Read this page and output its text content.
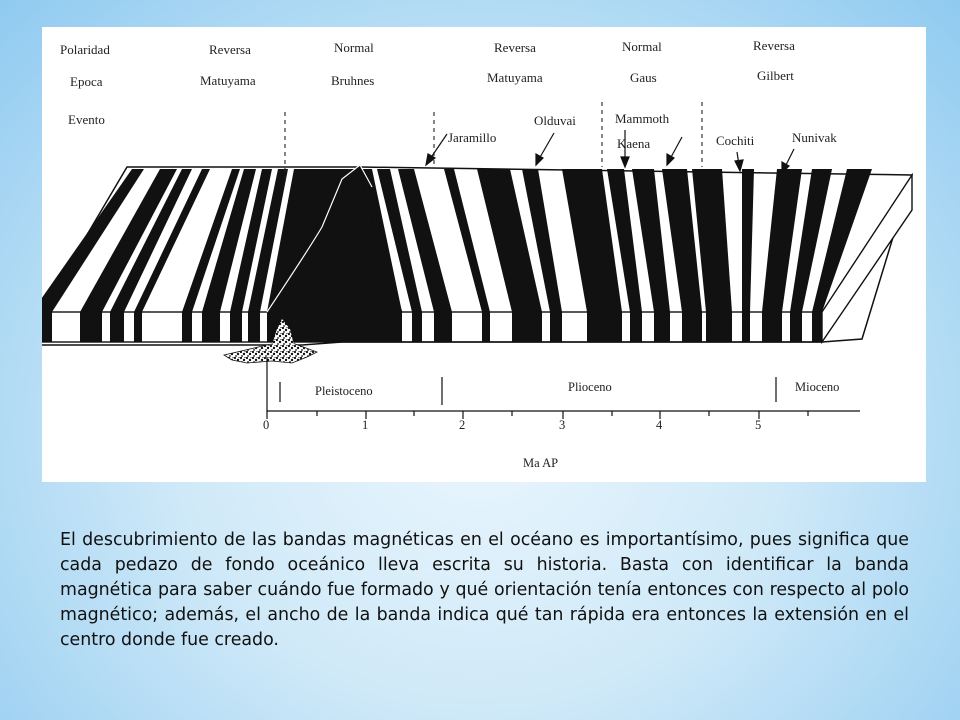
Polaridad
Epoca
Evento
Reversa	Normal	Reversa	Normal	Reversa
Matuyama	Bruhnes	Matuyama	Gaus	Gilbert
Jaramillo
Olduvai	Mammoth
Kaena	Cochiti	Nunivak
Pleistoceno	Plioceno	Mioceno
0	1	2	3	4	5
Ma AP

El descubrimiento de las bandas magnéticas en el océano es importantísimo, pues significa que cada pedazo de fondo oceánico lleva escrita su historia. Basta con identificar la banda magnética para saber cuándo fue formado y qué orientación tenía entonces con respecto al polo magnético; además, el ancho de la banda indica qué tan rápida era entonces la extensión en el centro donde fue creado.
